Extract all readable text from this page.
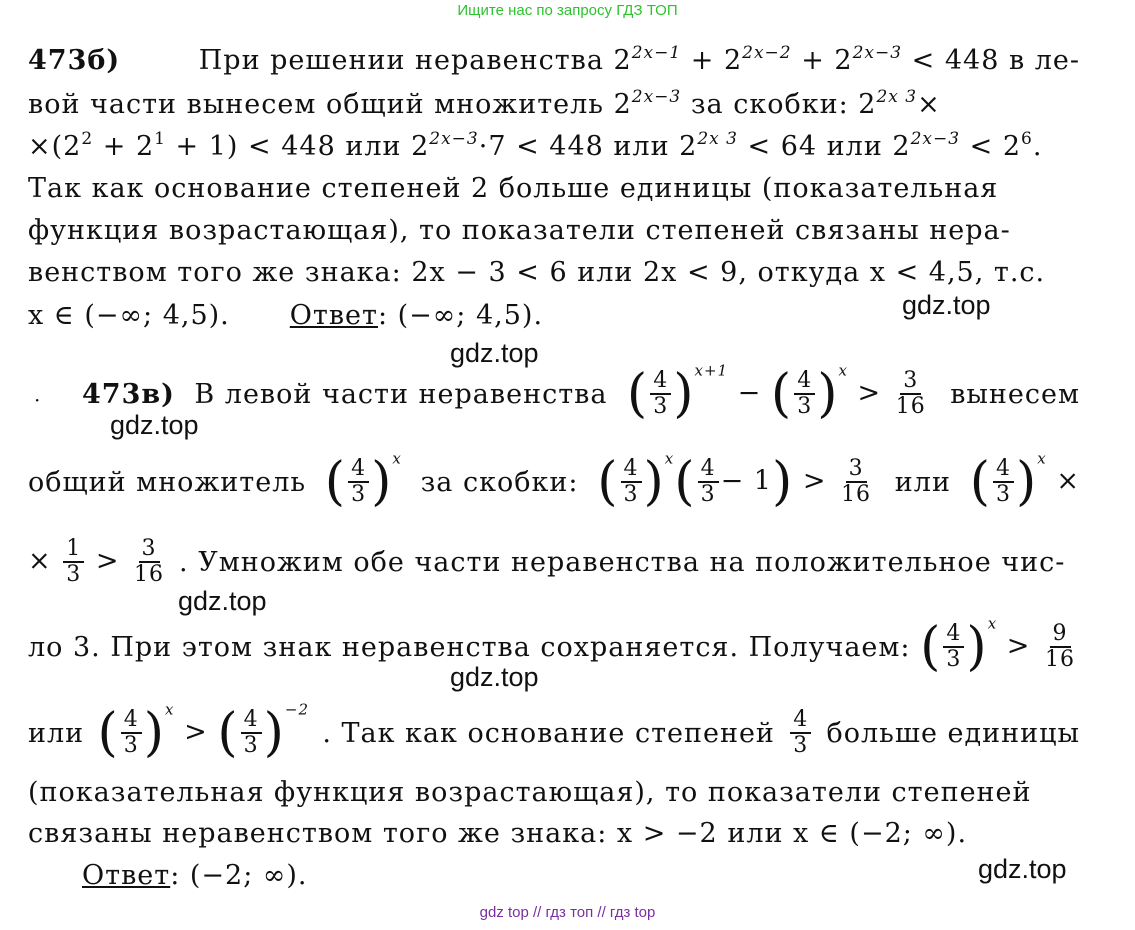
Ищите нас по запросу ГДЗ ТОП
473б)	При решении неравенства $2^{2x-1} + 2^{2x-2} + 2^{2x-3} < 448$ в ле-
вой части вынесем общий множитель $2^{2x-3}$ за скобки: $2^{2x 3}\times$
$\times(2^2 + 2^1 + 1) < 448$ или $2^{2x-3}\cdot 7 < 448$ или $2^{2x 3} < 64$ или $2^{2x-3} < 2^6$.
Так как основание степеней 2 больше единицы (показательная
функция возрастающая), то показатели степеней связаны нера-
венством того же знака: 2x − 3 < 6 или 2x < 9, откуда x < 4,5, т.с.
x ∈ (−∞; 4,5). Ответ: (−∞; 4,5).	gdz.top
gdz.top
· 473в) В левой части неравенства ( $\frac{4}{3} )^{x+1}$ − ( $\frac{4}{3} )^x > \frac{3}{16}$ вынесем
gdz.top
общий множитель ( $\frac{4}{3} )^x$
за скобки: ( $\frac{4}{3} )^x( \frac{4}{3} - 1) > \frac{3}{16}$ или ( $\frac{4}{3} )^x$ ×
× $\frac{1}{3} > \frac{3}{16}$ . Умножим обе части неравенства на положительное чис-
gdz.top
ло 3. При этом знак неравенства сохраняется. Получаем: ( $\frac{4}{3} )^x > \frac{9}{16}$
gdz.top
или ( $\frac{4}{3} )^x$ > ( $\frac{4}{3} )^{-2}$
. Так как основание степеней $\frac{4}{3}$ больше единицы
(показательная функция возрастающая), то показатели степеней
связаны неравенством того же знака: x > −2 или x ∈ (−2; ∞).
Ответ: (−2; ∞).	gdz.top
gdz top // гдз топ // гдз top
